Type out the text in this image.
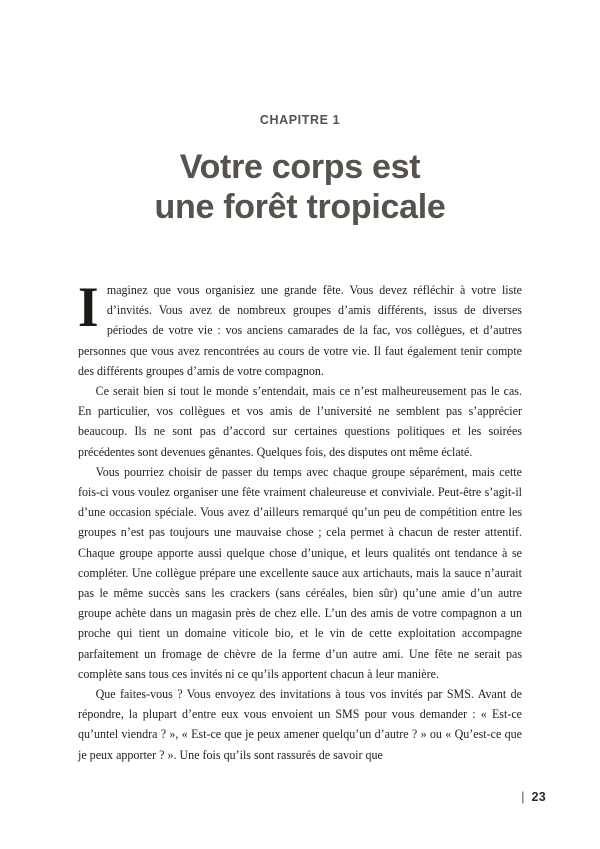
CHAPITRE 1
Votre corps est
une forêt tropicale

Imaginez que vous organisiez une grande fête. Vous devez réfléchir à votre liste d’invités. Vous avez de nombreux groupes d’amis différents, issus de diverses périodes de votre vie : vos anciens camarades de la fac, vos collègues, et d’autres personnes que vous avez rencontrées au cours de votre vie. Il faut également tenir compte des différents groupes d’amis de votre compagnon.

Ce serait bien si tout le monde s’entendait, mais ce n’est malheureusement pas le cas. En particulier, vos collègues et vos amis de l’université ne semblent pas s’apprécier beaucoup. Ils ne sont pas d’accord sur certaines questions politiques et les soirées précédentes sont devenues gênantes. Quelques fois, des disputes ont même éclaté.

Vous pourriez choisir de passer du temps avec chaque groupe séparément, mais cette fois-ci vous voulez organiser une fête vraiment chaleureuse et conviviale. Peut-être s’agit-il d’une occasion spéciale. Vous avez d’ailleurs remarqué qu’un peu de compétition entre les groupes n’est pas toujours une mauvaise chose ; cela permet à chacun de rester attentif. Chaque groupe apporte aussi quelque chose d’unique, et leurs qualités ont tendance à se compléter. Une collègue prépare une excellente sauce aux artichauts, mais la sauce n’aurait pas le même succès sans les crackers (sans céréales, bien sûr) qu’une amie d’un autre groupe achète dans un magasin près de chez elle. L’un des amis de votre compagnon a un proche qui tient un domaine viticole bio, et le vin de cette exploitation accompagne parfaitement un fromage de chèvre de la ferme d’un autre ami. Une fête ne serait pas complète sans tous ces invités ni ce qu’ils apportent chacun à leur manière.

Que faites-vous ? Vous envoyez des invitations à tous vos invités par SMS. Avant de répondre, la plupart d’entre eux vous envoient un SMS pour vous demander : « Est-ce qu’untel viendra ? », « Est-ce que je peux amener quelqu’un d’autre ? » ou « Qu’est-ce que je peux apporter ? ». Une fois qu’ils sont rassurés de savoir que

| 23
